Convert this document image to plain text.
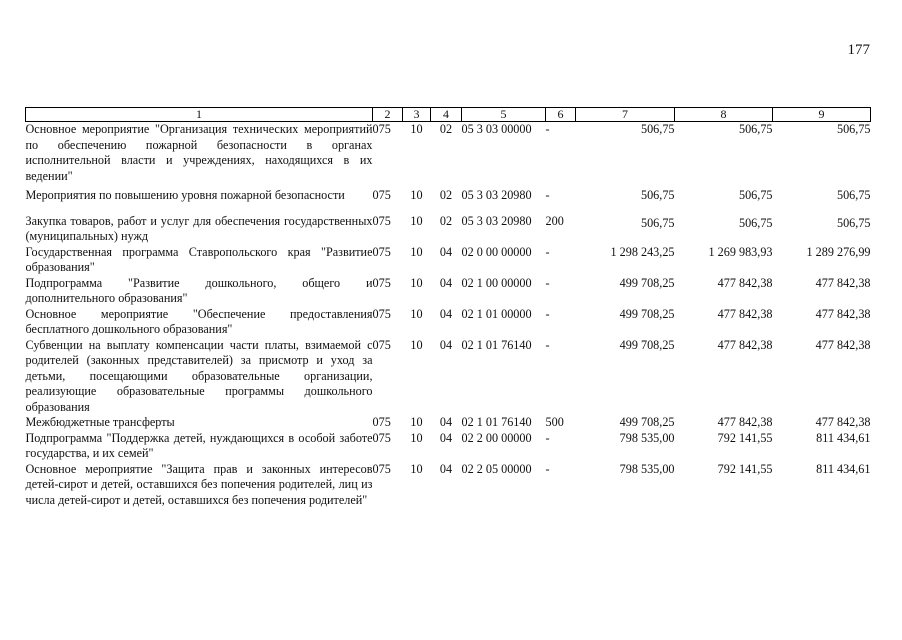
177
1	2	3	4	5	6	7	8	9
Основное мероприятие "Организация технических мероприятий по обеспечению пожарной безопасности в органах исполнительной власти и учреждениях, находящихся в их ведении"	075	10	02	05 3 03 00000	-	506,75	506,75	506,75
Мероприятия по повышению уровня пожарной безопасности	075	10	02	05 3 03 20980	-	506,75	506,75	506,75
Закупка товаров, работ и услуг для обеспечения государственных (муниципальных) нужд	075	10	02	05 3 03 20980	200	506,75	506,75	506,75
Государственная программа Ставропольского края "Развитие образования"	075	10	04	02 0 00 00000	-	1 298 243,25	1 269 983,93	1 289 276,99
Подпрограмма "Развитие дошкольного, общего и дополнительного образования"	075	10	04	02 1 00 00000	-	499 708,25	477 842,38	477 842,38
Основное мероприятие "Обеспечение предоставления бесплатного дошкольного образования"	075	10	04	02 1 01 00000	-	499 708,25	477 842,38	477 842,38
Субвенции на выплату компенсации части платы, взимаемой с родителей (законных представителей) за присмотр и уход за детьми, посещающими образовательные организации, реализующие образовательные программы дошкольного образования	075	10	04	02 1 01 76140	-	499 708,25	477 842,38	477 842,38
Межбюджетные трансферты	075	10	04	02 1 01 76140	500	499 708,25	477 842,38	477 842,38
Подпрограмма "Поддержка детей, нуждающихся в особой заботе государства, и их семей"	075	10	04	02 2 00 00000	-	798 535,00	792 141,55	811 434,61
Основное мероприятие "Защита прав и законных интересов детей-сирот и детей, оставшихся без попечения родителей, лиц из числа детей-сирот и детей, оставшихся без попечения родителей"	075	10	04	02 2 05 00000	-	798 535,00	792 141,55	811 434,61
